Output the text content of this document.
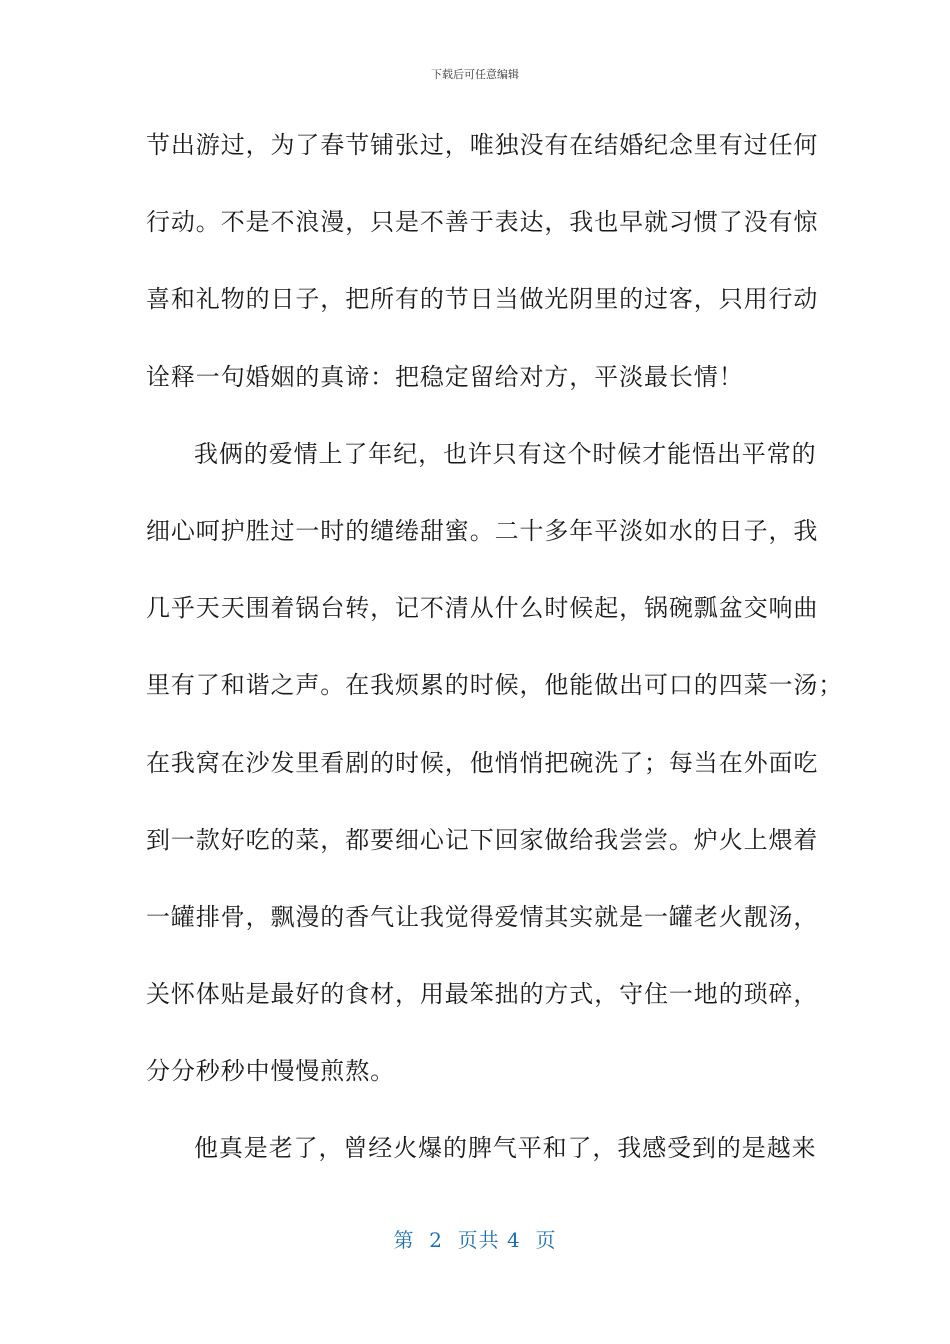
下载后可任意编辑
节出游过，为了春节铺张过，唯独没有在结婚纪念里有过任何
行动。不是不浪漫，只是不善于表达，我也早就习惯了没有惊
喜和礼物的日子，把所有的节日当做光阴里的过客，只用行动
诠释一句婚姻的真谛：把稳定留给对方，平淡最长情！
我俩的爱情上了年纪，也许只有这个时候才能悟出平常的
细心呵护胜过一时的缱绻甜蜜。二十多年平淡如水的日子，我
几乎天天围着锅台转，记不清从什么时候起，锅碗瓢盆交响曲
里有了和谐之声。在我烦累的时候，他能做出可口的四菜一汤；
在我窝在沙发里看剧的时候，他悄悄把碗洗了；每当在外面吃
到一款好吃的菜，都要细心记下回家做给我尝尝。炉火上煨着
一罐排骨，飘漫的香气让我觉得爱情其实就是一罐老火靓汤，
关怀体贴是最好的食材，用最笨拙的方式，守住一地的琐碎，
分分秒秒中慢慢煎熬。
他真是老了，曾经火爆的脾气平和了，我感受到的是越来
第  2  页共 4  页
